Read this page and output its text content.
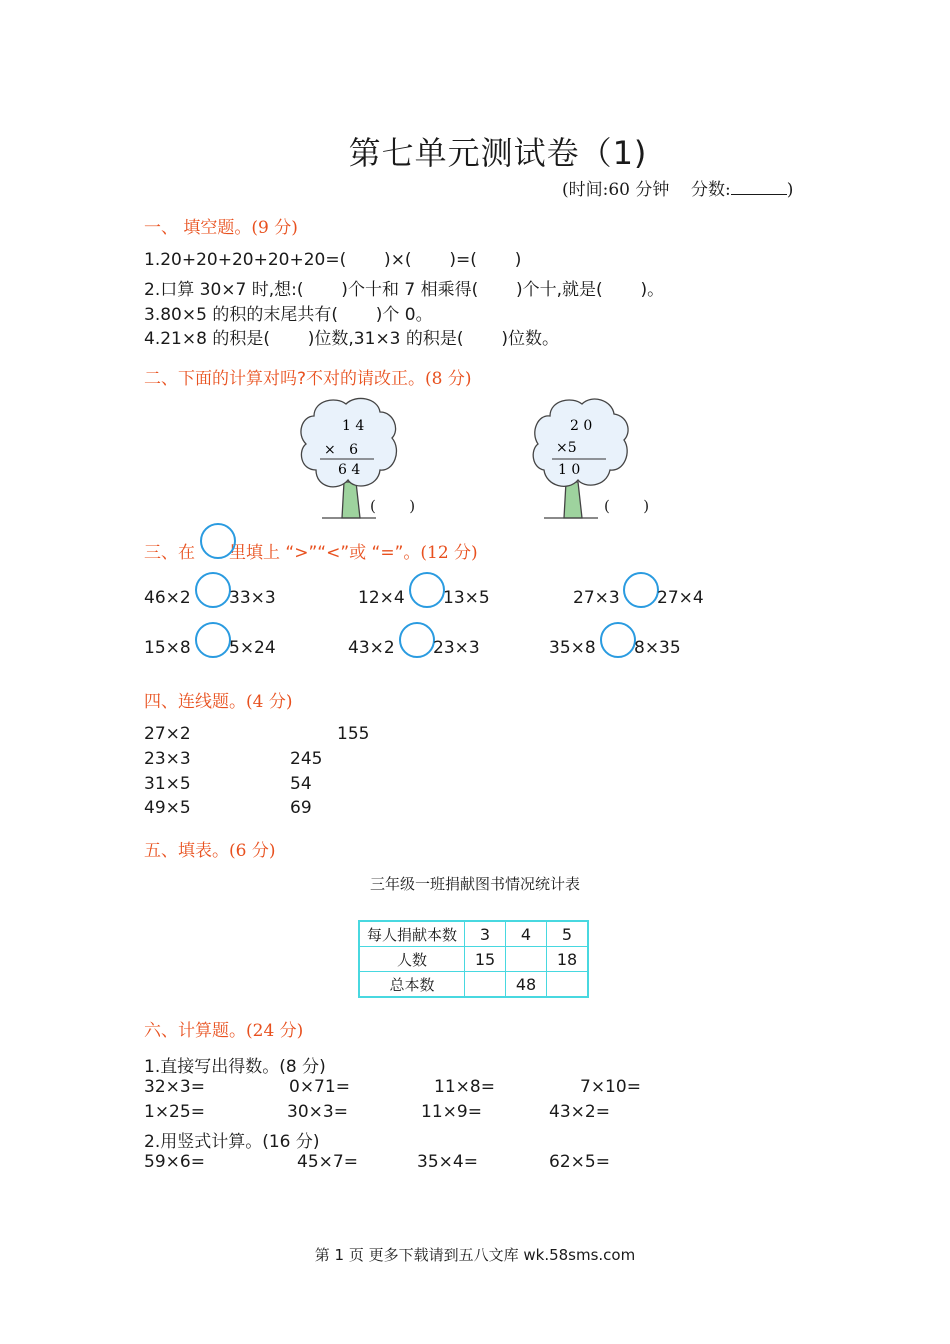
第七单元测试卷（1)
(时间:60 分钟 分数:	)
一、 填空题。(9 分)
1.20+20+20+20+20=(       )×(       )=(       )
2.口算 30×7 时,想:(       )个十和 7 相乘得(       )个十,就是(       )。
3.80×5 的积的末尾共有(       )个 0。
4.21×8 的积是(       )位数,31×3 的积是(       )位数。
二、下面的计算对吗?不对的请改正。(8 分)
1 4
×   6
6 4
(       )
2 0
×5
1 0
(       )
三、在 里填上 “>”“<”或 “=”。(12 分)
46×2 33×3	12×4 13×5	27×3 27×4
15×8 5×24	43×2 23×3	35×8 8×35
四、连线题。(4 分)
27×2
23×3
31×5
49×5
155
245
54
69
五、填表。(6 分)
三年级一班捐献图书情况统计表
每人捐献本数	3	4	5
人数	15		18
总本数		48	
六、计算题。(24 分)
1.直接写出得数。(8 分)
32×3=	0×71=	11×8=	7×10=
1×25=	30×3=	11×9=	43×2=
2.用竖式计算。(16 分)
59×6=	45×7=	35×4=	62×5=
第 1 页 更多下载请到五八文库 wk.58sms.com
